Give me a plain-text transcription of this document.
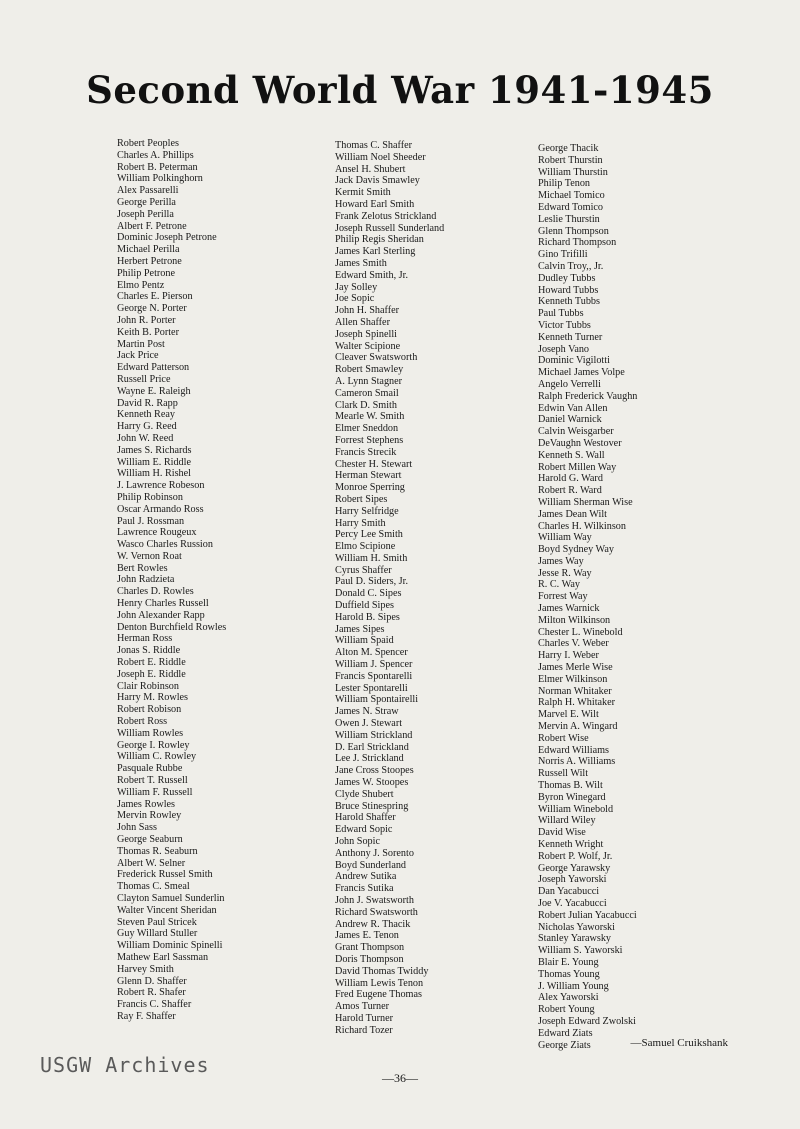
Second World War 1941-1945
Robert Peoples
Charles A. Phillips
Robert B. Peterman
William Polkinghorn
Alex Passarelli
George Perilla
Joseph Perilla
Albert F. Petrone
Dominic Joseph Petrone
Michael Perilla
Herbert Petrone
Philip Petrone
Elmo Pentz
Charles E. Pierson
George N. Porter
John R. Porter
Keith B. Porter
Martin Post
Jack Price
Edward Patterson
Russell Price
Wayne E. Raleigh
David R. Rapp
Kenneth Reay
Harry G. Reed
John W. Reed
James S. Richards
William E. Riddle
William H. Rishel
J. Lawrence Robeson
Philip Robinson
Oscar Armando Ross
Paul J. Rossman
Lawrence Rougeux
Wasco Charles Russion
W. Vernon Roat
Bert Rowles
John Radzieta
Charles D. Rowles
Henry Charles Russell
John Alexander Rapp
Denton Burchfield Rowles
Herman Ross
Jonas S. Riddle
Robert E. Riddle
Joseph E. Riddle
Clair Robinson
Harry M. Rowles
Robert Robison
Robert Ross
William Rowles
George I. Rowley
William C. Rowley
Pasquale Rubbe
Robert T. Russell
William F. Russell
James Rowles
Mervin Rowley
John Sass
George Seaburn
Thomas R. Seaburn
Albert W. Selner
Frederick Russel Smith
Thomas C. Smeal
Clayton Samuel Sunderlin
Walter Vincent Sheridan
Steven Paul Stricek
Guy Willard Stuller
William Dominic Spinelli
Mathew Earl Sassman
Harvey Smith
Glenn D. Shaffer
Robert R. Shafer
Francis C. Shaffer
Ray F. Shaffer
Thomas C. Shaffer
William Noel Sheeder
Ansel H. Shubert
Jack Davis Smawley
Kermit Smith
Howard Earl Smith
Frank Zelotus Strickland
Joseph Russell Sunderland
Philip Regis Sheridan
James Karl Sterling
James Smith
Edward Smith, Jr.
Jay Solley
Joe Sopic
John H. Shaffer
Allen Shaffer
Joseph Spinelli
Walter Scipione
Cleaver Swatsworth
Robert Smawley
A. Lynn Stagner
Cameron Smail
Clark D. Smith
Mearle W. Smith
Elmer Sneddon
Forrest Stephens
Francis Strecik
Chester H. Stewart
Herman Stewart
Monroe Sperring
Robert Sipes
Harry Selfridge
Harry Smith
Percy Lee Smith
Elmo Scipione
William H. Smith
Cyrus Shaffer
Paul D. Siders, Jr.
Donald C. Sipes
Duffield Sipes
Harold B. Sipes
James Sipes
William Spaid
Alton M. Spencer
William J. Spencer
Francis Spontarelli
Lester Spontarelli
William Spontairelli
James N. Straw
Owen J. Stewart
William Strickland
D. Earl Strickland
Lee J. Strickland
Jane Cross Stoopes
James W. Stoopes
Clyde Shubert
Bruce Stinespring
Harold Shaffer
Edward Sopic
John Sopic
Anthony J. Sorento
Boyd Sunderland
Andrew Sutika
Francis Sutika
John J. Swatsworth
Richard Swatsworth
Andrew R. Thacik
James E. Tenon
Grant Thompson
Doris Thompson
David Thomas Twiddy
William Lewis Tenon
Fred Eugene Thomas
Amos Turner
Harold Turner
Richard Tozer
George Thacik
Robert Thurstin
William Thurstin
Philip Tenon
Michael Tomico
Edward Tomico
Leslie Thurstin
Glenn Thompson
Richard Thompson
Gino Trifilli
Calvin Troy,, Jr.
Dudley Tubbs
Howard Tubbs
Kenneth Tubbs
Paul Tubbs
Victor Tubbs
Kenneth Turner
Joseph Vano
Dominic Vigilotti
Michael James Volpe
Angelo Verrelli
Ralph Frederick Vaughn
Edwin Van Allen
Daniel Warnick
Calvin Weisgarber
DeVaughn Westover
Kenneth S. Wall
Robert Millen Way
Harold G. Ward
Robert R. Ward
William Sherman Wise
James Dean Wilt
Charles H. Wilkinson
William Way
Boyd Sydney Way
James Way
Jesse R. Way
R. C. Way
Forrest Way
James Warnick
Milton Wilkinson
Chester L. Winebold
Charles V. Weber
Harry I. Weber
James Merle Wise
Elmer Wilkinson
Norman Whitaker
Ralph H. Whitaker
Marvel E. Wilt
Mervin A. Wingard
Robert Wise
Edward Williams
Norris A. Williams
Russell Wilt
Thomas B. Wilt
Byron Winegard
William Winebold
Willard Wiley
David Wise
Kenneth Wright
Robert P. Wolf, Jr.
George Yarawsky
Joseph Yaworski
Dan Yacabucci
Joe V. Yacabucci
Robert Julian Yacabucci
Nicholas Yaworski
Stanley Yarawsky
William S. Yaworski
Blair E. Young
Thomas Young
J. William Young
Alex Yaworski
Robert Young
Joseph Edward Zwolski
Edward Ziats
George Ziats	—Samuel Cruikshank
USGW Archives
—36—
